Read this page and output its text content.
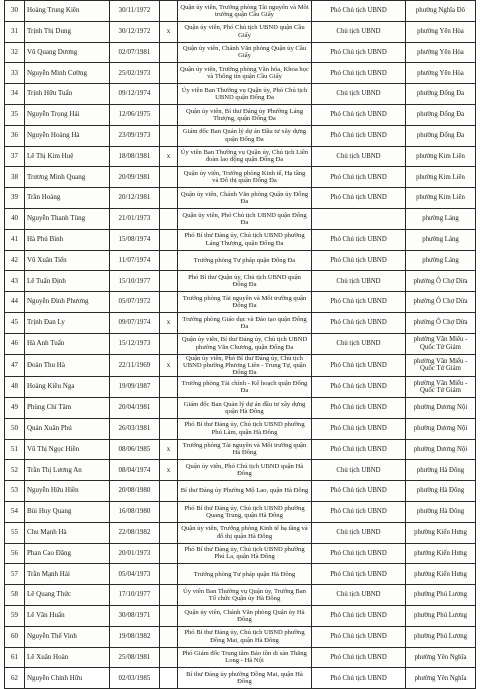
30	Hoàng Trung Kiên	30/11/1972		Quận ủy viên, Trưởng phòng Tài nguyên và Môi trường quận Cầu Giấy	Phó Chủ tịch UBND	phường Nghĩa Đô
31	Trịnh Thị Dung	30/12/1972	x	Quận ủy viên, Phó Chủ tịch UBND quận Cầu Giấy	Chủ tịch UBND	phường Yên Hòa
32	Vũ Quang Dương	02/07/1981		Quận ủy viên, Chánh Văn phòng Quận ủy Cầu Giấy	Phó Chủ tịch UBND	phường Yên Hòa
33	Nguyễn Minh Cường	25/02/1973		Quận ủy viên, Trưởng phòng Văn hóa, Khoa học và Thông tin quận Cầu Giấy	Phó Chủ tịch UBND	phường Yên Hòa
34	Trịnh Hữu Tuấn	09/12/1974		Ủy viên Ban Thường vụ Quận ủy, Phó Chủ tịch UBND quận Đống Đa	Chủ tịch UBND	phường Đống Đa
35	Nguyễn Trọng Hải	12/06/1975		Quận ủy viên, Bí thư Đảng ủy Phường Láng Thượng, quận Đống Đa	Phó Chủ tịch UBND	phường Đống Đa
36	Nguyễn Hoàng Hà	23/09/1973		Giám đốc Ban Quản lý dự án Đầu tư xây dựng quận Đống Đa	Phó Chủ tịch UBND	phường Đống Đa
37	Lê Thị Kim Huệ	18/08/1981	x	Ủy viên Ban Thường vụ Quận ủy, Chủ tịch Liên đoàn lao động quận Đống Đa	Chủ tịch UBND	phường Kim Liên
38	Trương Minh Quang	20/09/1981		Quận ủy viên, Trưởng phòng Kinh tế, Hạ tầng và Đô thị quận Đống Đa	Phó Chủ tịch UBND	phường Kim Liên
39	Trần Hoàng	20/12/1981		Quận ủy viên, Chánh Văn phòng Quận ủy Đống Đa	Phó Chủ tịch UBND	phường Kim Liên
40	Nguyễn Thanh Tùng	21/01/1973		Quận ủy viên, Phó Chủ tịch UBND quận Đống Đa		phường Láng
41	Hà Phú Bình	15/08/1974		Phó Bí thư Đảng ủy, Chủ tịch UBND phường Láng Thượng, quận Đống Đa	Phó Chủ tịch UBND	phường Láng
42	Vũ Xuân Tiến	11/07/1974		Trưởng phòng Tư pháp quận Đống Đa	Phó Chủ tịch UBND	phường Láng
43	Lê Tuấn Định	15/10/1977		Phó Bí thư Quận ủy, Chủ tịch UBND quận Đống Đa	Chủ tịch UBND	phường Ô Chợ Dừa
44	Nguyễn Đình Phương	05/07/1972		Trưởng phòng Tài nguyên và Môi trường quận Đống Đa	Phó Chủ tịch UBND	phường Ô Chợ Dừa
45	Trịnh Đan Ly	09/07/1974	x	Trưởng phòng Giáo dục và Đào tạo quận Đống Đa	Phó Chủ tịch UBND	phường Ô Chợ Dừa
46	Hà Anh Tuấn	15/12/1973		Quận ủy viên, Bí thư Đảng ủy, Chủ tịch UBND phường Văn Chương, quận Đống Đa	Chủ tịch UBND	phường Văn Miếu - Quốc Tử Giám
47	Đoàn Thu Hà	22/11/1969	x	Quận ủy viên, Phó Bí thư Đảng ủy, Chủ tịch UBND phường Phương Liên - Trung Tự, quận Đống Đa	Phó Chủ tịch UBND	phường Văn Miếu - Quốc Tử Giám
48	Hoàng Kiều Nga	19/09/1987		Trưởng phòng Tài chính - Kế hoạch quận Đống Đa	Phó Chủ tịch UBND	phường Văn Miếu - Quốc Tử Giám
49	Phùng Chí Tâm	20/04/1981		Giám đốc Ban Quản lý dự án đầu tư xây dựng quận Hà Đông	Phó Chủ tịch UBND	phường Dương Nội
50	Quản Xuân Phú	26/03/1981		Phó Bí thư Đảng ủy, Chủ tịch UBND phường Phú Lãm, quận Hà Đông	Phó Chủ tịch UBND	phường Dương Nội
51	Vũ Thị Ngọc Hiền	08/06/1985	x	Trưởng phòng Tài nguyên và Môi trường quận Hà Đông	Phó Chủ tịch UBND	phường Dương Nội
52	Trần Thị Lương An	08/04/1974	x	Quận ủy viên, Phó Chủ tịch UBND quận Hà Đông	Chủ tịch UBND	phường Hà Đông
53	Nguyễn Hữu Hiền	20/08/1980		Bí thư Đảng ủy Phường Mộ Lao, quận Hà Đông	Phó Chủ tịch UBND	phường Hà Đông
54	Bùi Huy Quang	16/08/1980		Phó Bí thư Đảng ủy, Chủ tịch UBND phường Quang Trung, quận Hà Đông	Phó Chủ tịch UBND	phường Hà Đông
55	Chu Mạnh Hà	22/08/1982		Quận ủy viên, Trưởng phòng Kinh tế hạ tầng và đô thị quận Hà Đông	Chủ tịch UBND	phường Kiến Hưng
56	Phan Cao Đăng	20/01/1973		Phó Bí thư Đảng ủy, Chủ tịch UBND phường Phú La, quận Hà Đông	Phó Chủ tịch UBND	phường Kiến Hưng
57	Trần Mạnh Hải	05/04/1973		Trưởng phòng Tư pháp quận Hà Đông	Phó Chủ tịch UBND	phường Kiến Hưng
58	Lê Quang Thức	17/10/1977		Ủy viên Ban Thường vụ Quận ủy, Trưởng Ban Tổ chức Quận ủy Hà Đông	Chủ tịch UBND	phường Phú Lương
59	Lê Văn Huấn	30/08/1971		Quận ủy viên, Chánh Văn phòng Quận ủy Hà Đông	Phó Chủ tịch UBND	phường Phú Lương
60	Nguyễn Thế Vinh	19/08/1982		Phó Bí thư Đảng ủy, Chủ tịch UBND phường Đồng Mai, quận Hà Đông	Phó Chủ tịch UBND	phường Phú Lương
61	Lê Xuân Hoàn	25/08/1981		Phó Giám đốc Trung tâm Bảo tồn di sản Thăng Long - Hà Nội	Phó Chủ tịch UBND	phường Yên Nghĩa
62	Nguyễn Chính Hữu	02/03/1985		Bí thư Đảng ủy phường Đồng Mai, quận Hà Đông	Phó Chủ tịch UBND	phường Yên Nghĩa
